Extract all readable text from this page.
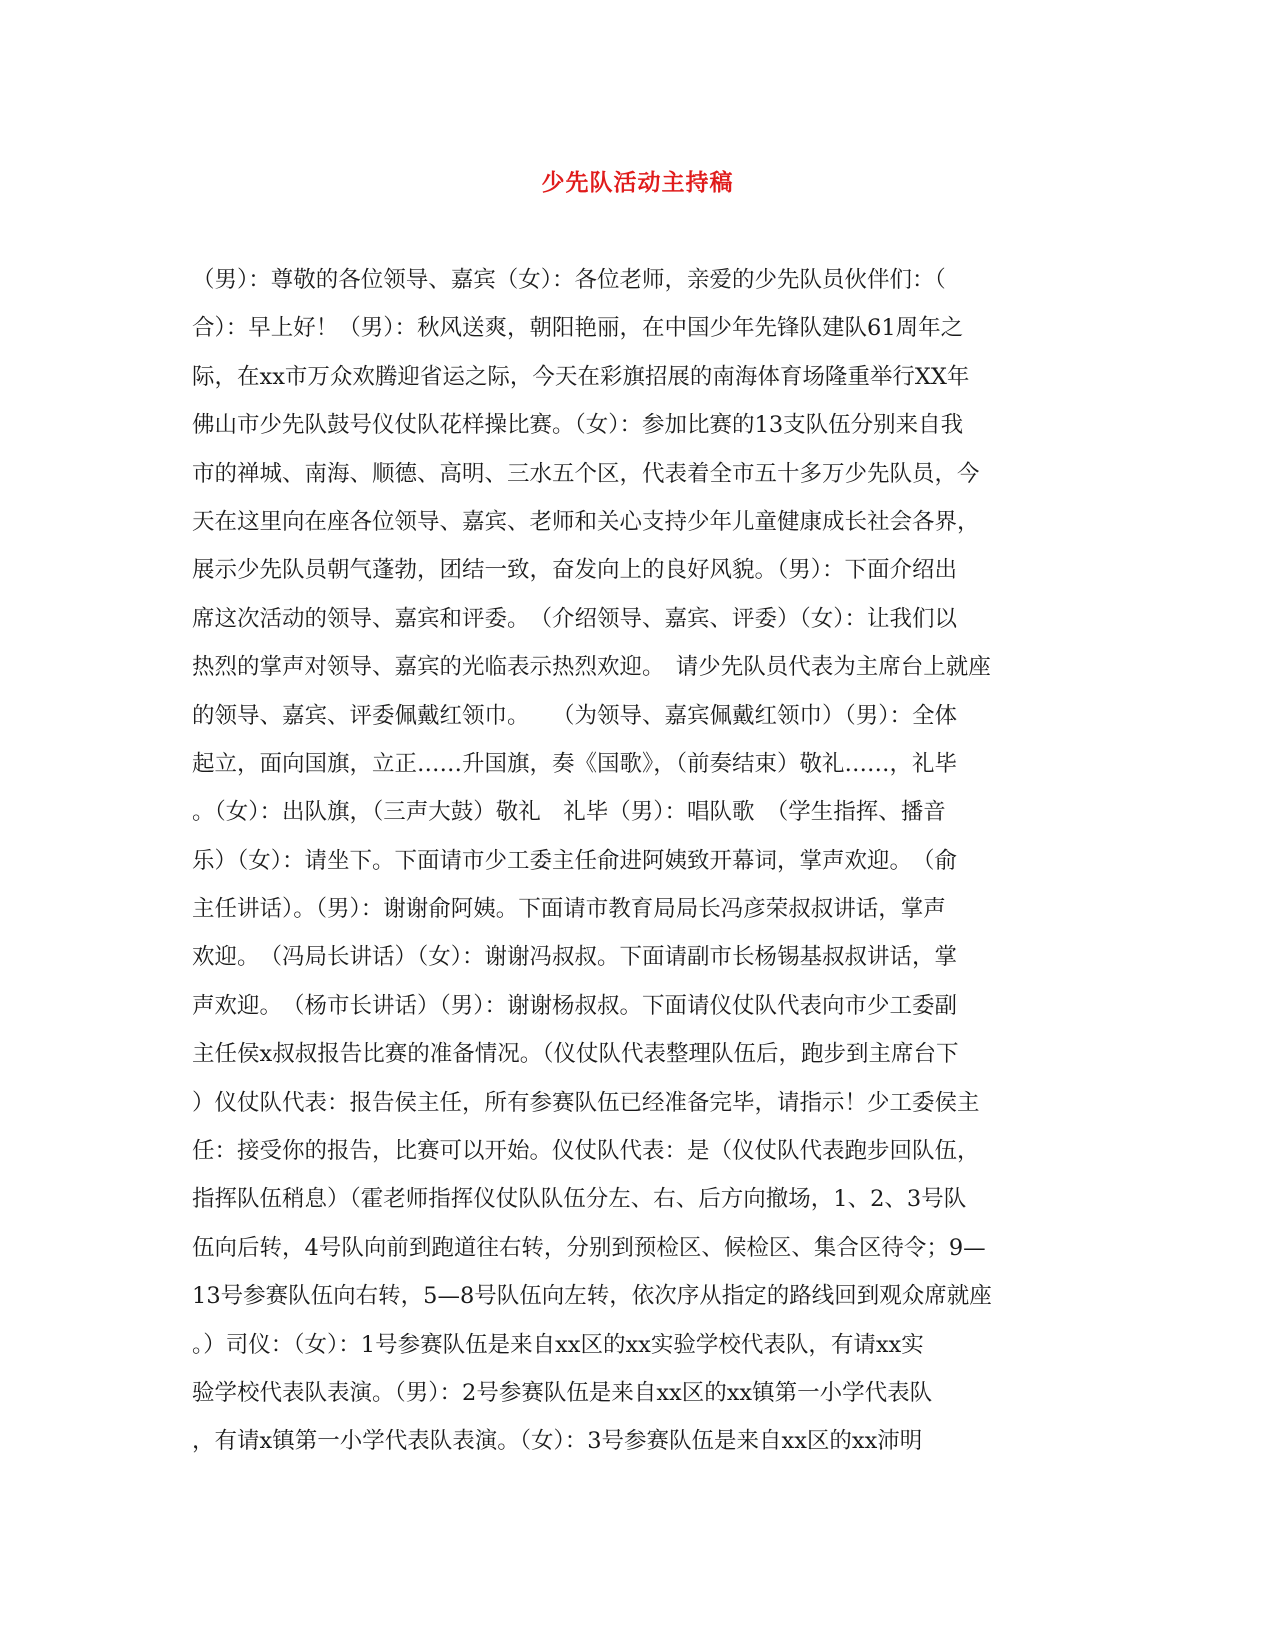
少先队活动主持稿
（男）：尊敬的各位领导、嘉宾（女）：各位老师，亲爱的少先队员伙伴们：（
合）：早上好！（男）：秋风送爽，朝阳艳丽，在中国少年先锋队建队61周年之
际，在xx市万众欢腾迎省运之际，今天在彩旗招展的南海体育场隆重举行XX年
佛山市少先队鼓号仪仗队花样操比赛。（女）：参加比赛的13支队伍分别来自我
市的禅城、南海、顺德、高明、三水五个区，代表着全市五十多万少先队员，今
天在这里向在座各位领导、嘉宾、老师和关心支持少年儿童健康成长社会各界，
展示少先队员朝气蓬勃，团结一致，奋发向上的良好风貌。（男）：下面介绍出
席这次活动的领导、嘉宾和评委。　（介绍领导、嘉宾、评委）（女）：让我们以
热烈的掌声对领导、嘉宾的光临表示热烈欢迎。　请少先队员代表为主席台上就座
的领导、嘉宾、评委佩戴红领巾。　　（为领导、嘉宾佩戴红领巾）（男）：全体
起立，面向国旗，立正……升国旗，奏《国歌》，（前奏结束）敬礼……，礼毕
。（女）：出队旗，（三声大鼓）敬礼　礼毕（男）：唱队歌　（学生指挥、播音
乐）（女）：请坐下。下面请市少工委主任俞进阿姨致开幕词，掌声欢迎。　（俞
主任讲话）。（男）：谢谢俞阿姨。下面请市教育局局长冯彦荣叔叔讲话，掌声
欢迎。　（冯局长讲话）（女）：谢谢冯叔叔。下面请副市长杨锡基叔叔讲话，掌
声欢迎。　（杨市长讲话）（男）：谢谢杨叔叔。下面请仪仗队代表向市少工委副
主任侯x叔叔报告比赛的准备情况。（仪仗队代表整理队伍后，跑步到主席台下
）仪仗队代表：报告侯主任，所有参赛队伍已经准备完毕，请指示！少工委侯主
任：接受你的报告，比赛可以开始。仪仗队代表：是（仪仗队代表跑步回队伍，
指挥队伍稍息）（霍老师指挥仪仗队队伍分左、右、后方向撤场，1、2、3号队
伍向后转，4号队向前到跑道往右转，分别到预检区、候检区、集合区待令；9—
13号参赛队伍向右转，5—8号队伍向左转，依次序从指定的路线回到观众席就座
。）司仪：（女）：1号参赛队伍是来自xx区的xx实验学校代表队，有请xx实
验学校代表队表演。（男）：2号参赛队伍是来自xx区的xx镇第一小学代表队
，有请x镇第一小学代表队表演。（女）：3号参赛队伍是来自xx区的xx沛明
